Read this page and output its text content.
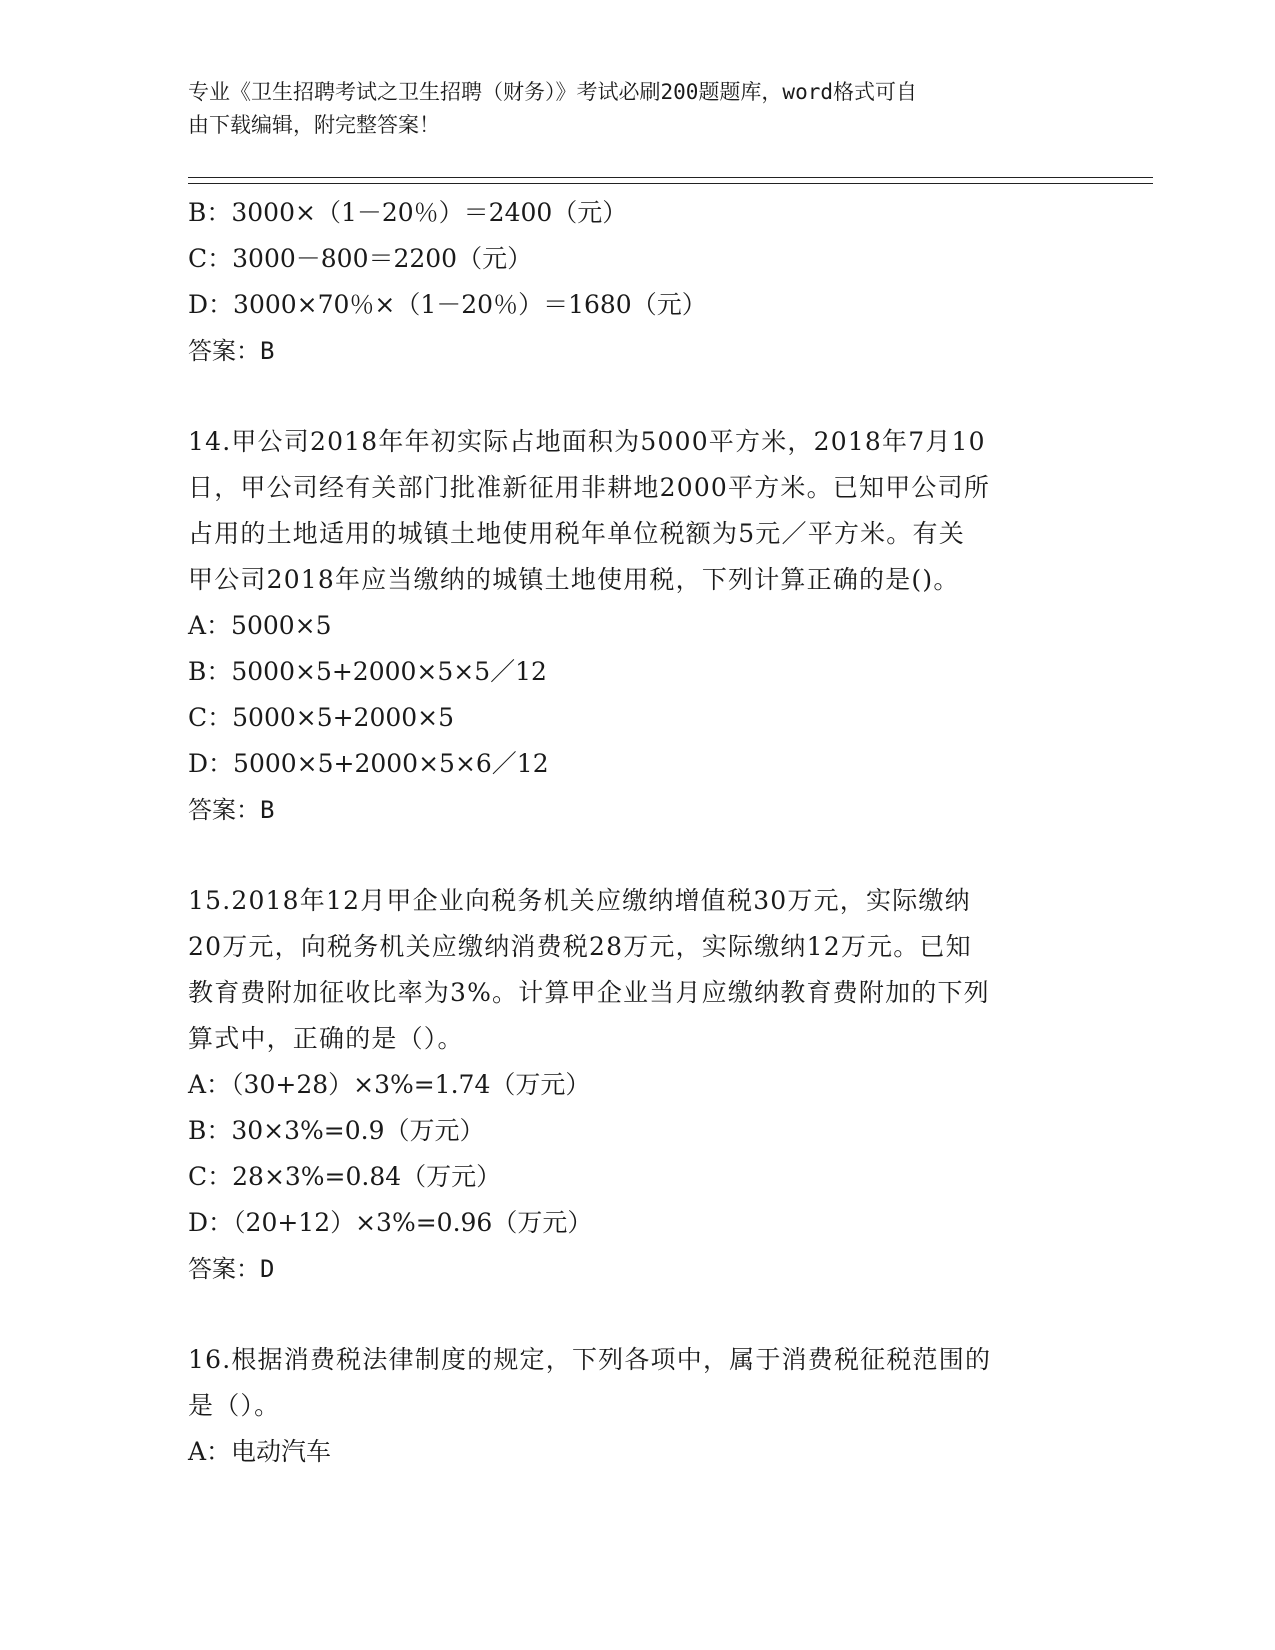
专业《卫生招聘考试之卫生招聘（财务）》考试必刷200题题库，word格式可自
由下载编辑，附完整答案！
B：3000×（1－20％）＝2400（元）
C：3000－800＝2200（元）
D：3000×70％×（1－20％）＝1680（元）
答案：B
14.甲公司2018年年初实际占地面积为5000平方米，2018年7月10
日，甲公司经有关部门批准新征用非耕地2000平方米。已知甲公司所
占用的土地适用的城镇土地使用税年单位税额为5元／平方米。有关
甲公司2018年应当缴纳的城镇土地使用税，下列计算正确的是()。
A：5000×5
B：5000×5+2000×5×5／12
C：5000×5+2000×5
D：5000×5+2000×5×6／12
答案：B
15.2018年12月甲企业向税务机关应缴纳增值税30万元，实际缴纳
20万元，向税务机关应缴纳消费税28万元，实际缴纳12万元。已知
教育费附加征收比率为3%。计算甲企业当月应缴纳教育费附加的下列
算式中，正确的是（）。
A：（30+28）×3%=1.74（万元）
B：30×3%=0.9（万元）
C：28×3%=0.84（万元）
D：（20+12）×3%=0.96（万元）
答案：D
16.根据消费税法律制度的规定，下列各项中，属于消费税征税范围的
是（）。
A：电动汽车
